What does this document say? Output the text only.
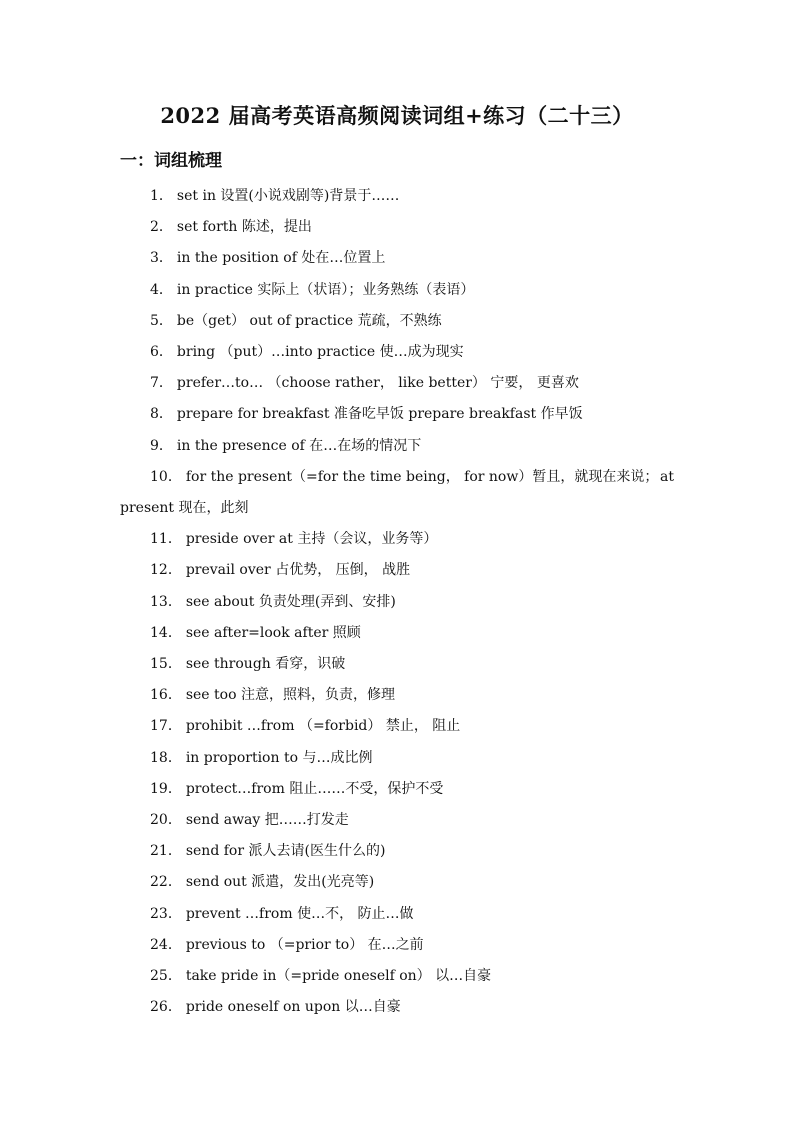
2022 届高考英语高频阅读词组+练习（二十三）
一：词组梳理
1． set in 设置(小说戏剧等)背景于……
2． set forth 陈述，提出
3． in the position of 处在…位置上
4． in practice 实际上（状语）；业务熟练（表语）
5． be（get） out of practice 荒疏，不熟练
6． bring （put）…into practice 使…成为现实
7． prefer…to… （choose rather， like better） 宁要， 更喜欢
8． prepare for breakfast 准备吃早饭 prepare breakfast 作早饭
9． in the presence of 在…在场的情况下
10． for the present（=for the time being， for now）暂且，就现在来说； at
present 现在，此刻
11． preside over at 主持（会议，业务等）
12． prevail over 占优势， 压倒， 战胜
13． see about 负责处理(弄到、安排)
14． see after=look after 照顾
15． see through 看穿，识破
16． see too 注意，照料，负责，修理
17． prohibit …from （=forbid） 禁止， 阻止
18． in proportion to 与…成比例
19． protect…from 阻止……不受，保护不受
20． send away 把……打发走
21． send for 派人去请(医生什么的)
22． send out 派遣，发出(光亮等)
23． prevent …from 使…不， 防止…做
24． previous to （=prior to） 在…之前
25． take pride in（=pride oneself on） 以…自豪
26． pride oneself on upon 以…自豪
